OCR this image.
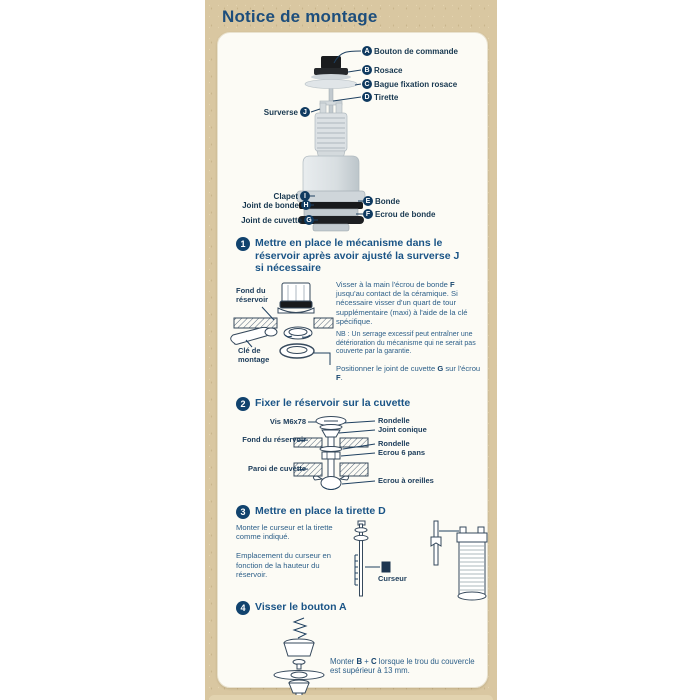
Notice de montage
A Bouton de commande
B Rosace
C Bague fixation rosace
D Tirette
Surverse J
Clapet I
Joint de bonde H
Joint de cuvette G
E Bonde
F Ecrou de bonde
1 Mettre en place le mécanisme dans le réservoir après avoir ajusté la surverse J si nécessaire
Fond du réservoir
Clé de montage
Visser à la main l'écrou de bonde F jusqu'au contact de la céramique. Si nécessaire visser d'un quart de tour supplémentaire (maxi) à l'aide de la clé spécifique.
NB : Un serrage excessif peut entraîner une détérioration du mécanisme qui ne serait pas couverte par la garantie.
Positionner le joint de cuvette G sur l'écrou F.
2 Fixer le réservoir sur la cuvette
Vis M6x78
Fond du réservoir
Paroi de cuvette
Rondelle
Joint conique
Rondelle
Ecrou 6 pans
Ecrou à oreilles
3 Mettre en place la tirette D
Monter le curseur et la tirette comme indiqué.
Emplacement du curseur en fonction de la hauteur du réservoir.	Curseur
4 Visser le bouton A
Monter B + C lorsque le trou du couvercle est supérieur à 13 mm.
